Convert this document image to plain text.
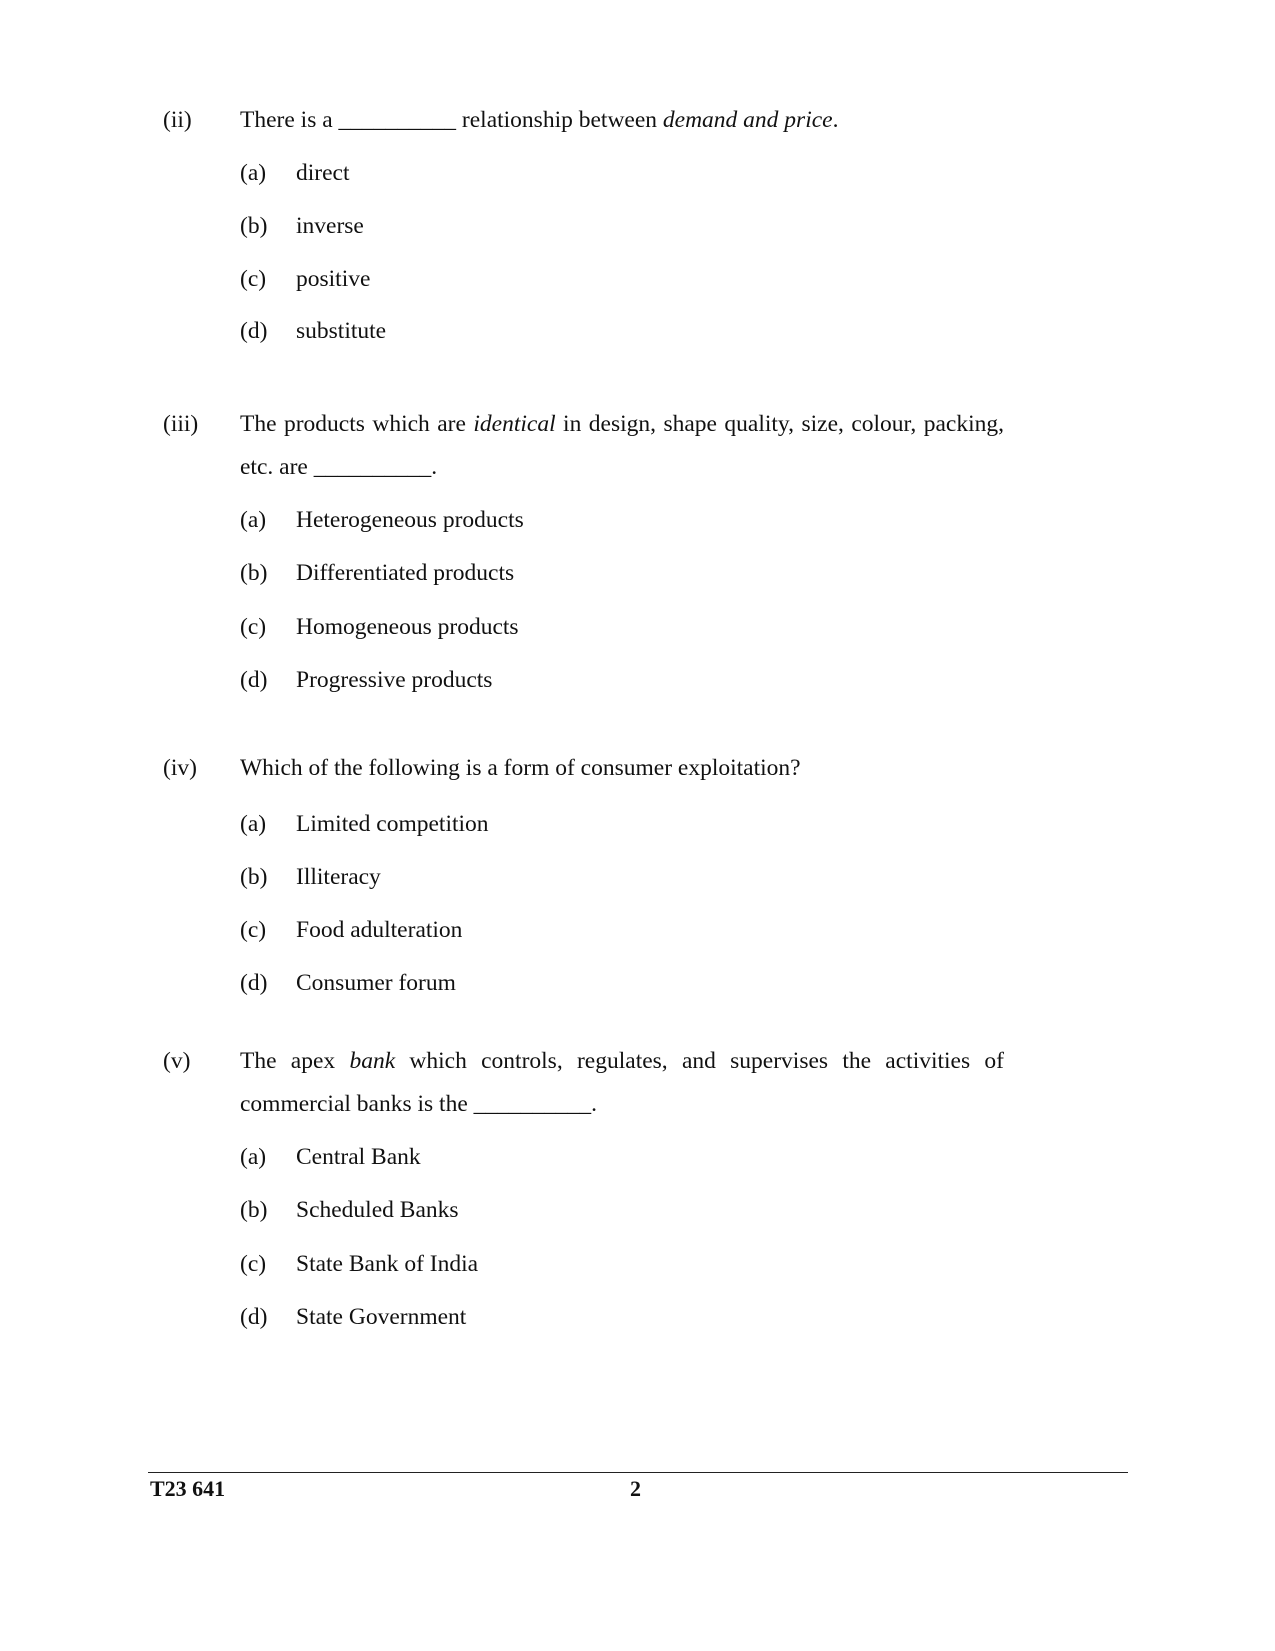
(ii) There is a __________ relationship between demand and price.
(a) direct
(b) inverse
(c) positive
(d) substitute
(iii) The products which are identical in design, shape quality, size, colour, packing, etc. are __________.
(a) Heterogeneous products
(b) Differentiated products
(c) Homogeneous products
(d) Progressive products
(iv) Which of the following is a form of consumer exploitation?
(a) Limited competition
(b) Illiteracy
(c) Food adulteration
(d) Consumer forum
(v) The apex bank which controls, regulates, and supervises the activities of commercial banks is the __________.
(a) Central Bank
(b) Scheduled Banks
(c) State Bank of India
(d) State Government
T23 641	2
